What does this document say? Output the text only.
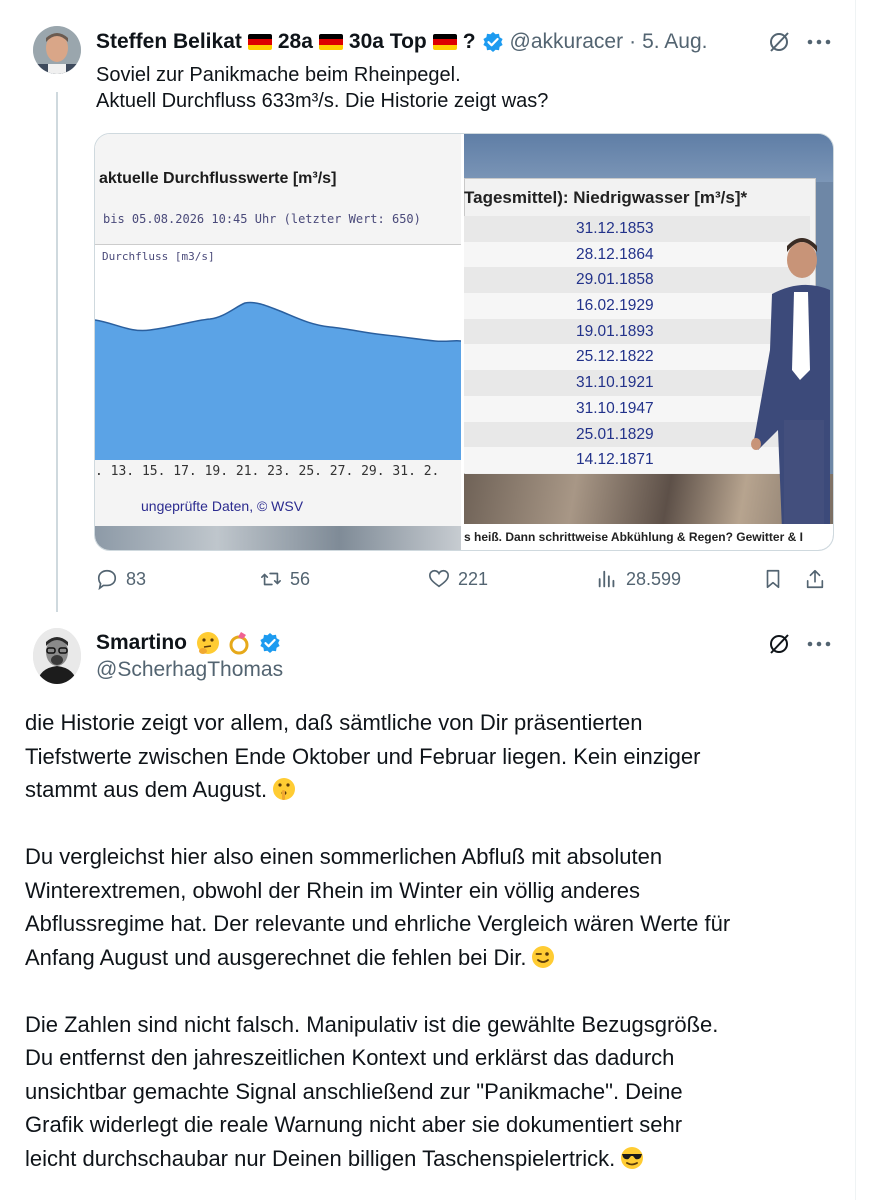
Steffen Belikat 28a 30a Top ? @akkuracer · 5. Aug.
Soviel zur Panikmache beim Rheinpegel.
Aktuell Durchfluss 633m³/s. Die Historie zeigt was?
aktuelle Durchflusswerte [m³/s]
bis 05.08.2026 10:45 Uhr (letzter Wert: 650)
Durchfluss [m3/s]
. 13. 15. 17. 19. 21. 23. 25. 27. 29. 31. 2.
ungeprüfte Daten, © WSV
Tagesmittel): Niedrigwasser [m³/s]*
31.12.1853
28.12.1864
29.01.1858
16.02.1929
19.01.1893
25.12.1822
31.10.1921
31.10.1947
25.01.1829
14.12.1871
s heiß. Dann schrittweise Abkühlung & Regen? Gewitter & I
83	56	221	28.599
Smartino
@ScherhagThomas
die Historie zeigt vor allem, daß sämtliche von Dir präsentierten
Tiefstwerte zwischen Ende Oktober und Februar liegen. Kein einziger
stammt aus dem August.
Du vergleichst hier also einen sommerlichen Abfluß mit absoluten
Winterextremen, obwohl der Rhein im Winter ein völlig anderes
Abflussregime hat. Der relevante und ehrliche Vergleich wären Werte für
Anfang August und ausgerechnet die fehlen bei Dir.
Die Zahlen sind nicht falsch. Manipulativ ist die gewählte Bezugsgröße.
Du entfernst den jahreszeitlichen Kontext und erklärst das dadurch
unsichtbar gemachte Signal anschließend zur "Panikmache". Deine
Grafik widerlegt die reale Warnung nicht aber sie dokumentiert sehr
leicht durchschaubar nur Deinen billigen Taschenspielertrick.
